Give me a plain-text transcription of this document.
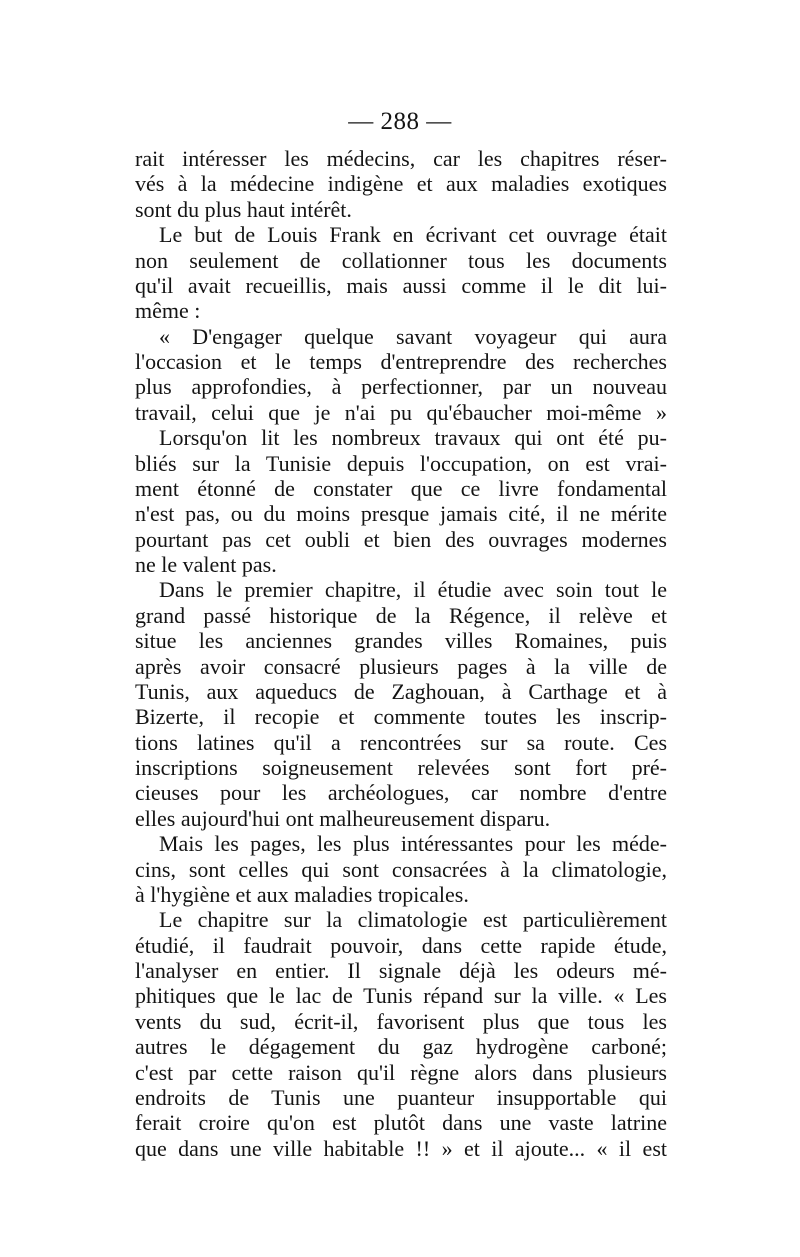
— 288 —
rait intéresser les médecins, car les chapitres réser-
vés à la médecine indigène et aux maladies exotiques
sont du plus haut intérêt.
Le but de Louis Frank en écrivant cet ouvrage était
non seulement de collationner tous les documents
qu'il avait recueillis, mais aussi comme il le dit lui-
même :
« D'engager quelque savant voyageur qui aura
l'occasion et le temps d'entreprendre des recherches
plus approfondies, à perfectionner, par un nouveau
travail, celui que je n'ai pu qu'ébaucher moi-même »
Lorsqu'on lit les nombreux travaux qui ont été pu-
bliés sur la Tunisie depuis l'occupation, on est vrai-
ment étonné de constater que ce livre fondamental
n'est pas, ou du moins presque jamais cité, il ne mérite
pourtant pas cet oubli et bien des ouvrages modernes
ne le valent pas.
Dans le premier chapitre, il étudie avec soin tout le
grand passé historique de la Régence, il relève et
situe les anciennes grandes villes Romaines, puis
après avoir consacré plusieurs pages à la ville de
Tunis, aux aqueducs de Zaghouan, à Carthage et à
Bizerte, il recopie et commente toutes les inscrip-
tions latines qu'il a rencontrées sur sa route. Ces
inscriptions soigneusement relevées sont fort pré-
cieuses pour les archéologues, car nombre d'entre
elles aujourd'hui ont malheureusement disparu.
Mais les pages, les plus intéressantes pour les méde-
cins, sont celles qui sont consacrées à la climatologie,
à l'hygiène et aux maladies tropicales.
Le chapitre sur la climatologie est particulièrement
étudié, il faudrait pouvoir, dans cette rapide étude,
l'analyser en entier. Il signale déjà les odeurs mé-
phitiques que le lac de Tunis répand sur la ville. « Les
vents du sud, écrit-il, favorisent plus que tous les
autres le dégagement du gaz hydrogène carboné;
c'est par cette raison qu'il règne alors dans plusieurs
endroits de Tunis une puanteur insupportable qui
ferait croire qu'on est plutôt dans une vaste latrine
que dans une ville habitable !! » et il ajoute... « il est
